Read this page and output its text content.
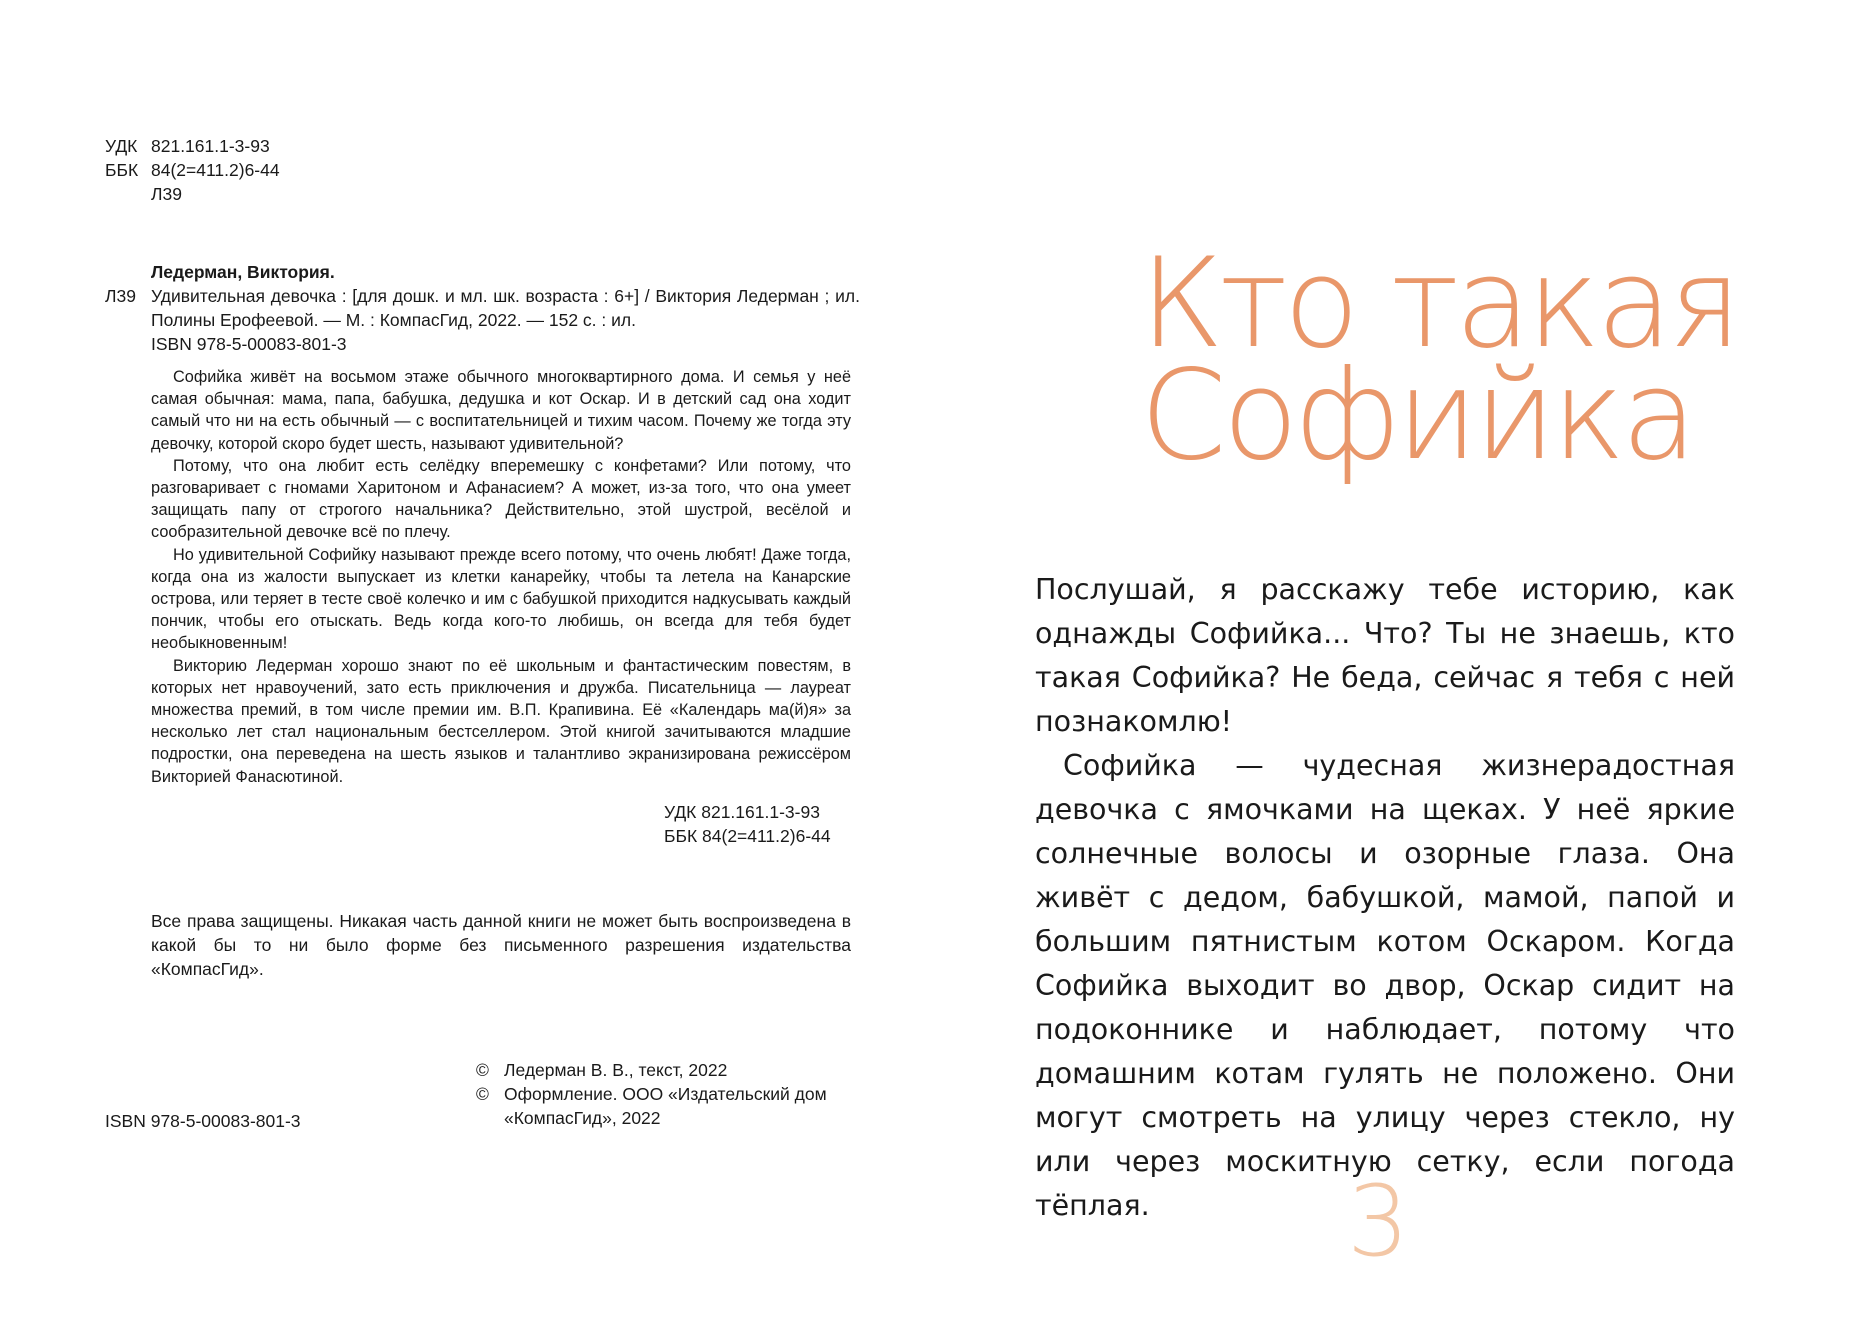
УДК 821.161.1-3-93
ББК 84(2=411.2)6-44
Л39
Ледерман, Виктория.
Л39 Удивительная девочка : [для дошк. и мл. шк. возраста : 6+] / Виктория Ледерман ; ил. Полины Ерофеевой. — М. : КомпасГид, 2022. — 152 с. : ил.
ISBN 978-5-00083-801-3

Софийка живёт на восьмом этаже обычного многоквартирного дома. И семья у неё самая обычная: мама, папа, бабушка, дедушка и кот Оскар. И в детский сад она ходит самый что ни на есть обычный — с воспитательницей и тихим часом. Почему же тогда эту девочку, которой скоро будет шесть, называют удивительной?

Потому, что она любит есть селёдку вперемешку с конфетами? Или потому, что разговаривает с гномами Харитоном и Афанасием? А может, из-за того, что она умеет защищать папу от строгого начальника? Действительно, этой шустрой, весёлой и сообразительной девочке всё по плечу.

Но удивительной Софийку называют прежде всего потому, что очень любят! Даже тогда, когда она из жалости выпускает из клетки канарейку, чтобы та летела на Канарские острова, или теряет в тесте своё колечко и им с бабушкой приходится надкусывать каждый пончик, чтобы его отыскать. Ведь когда кого-то любишь, он всегда для тебя будет необыкновенным!

Викторию Ледерман хорошо знают по её школьным и фантастическим повестям, в которых нет нравоучений, зато есть приключения и дружба. Писательница — лауреат множества премий, в том числе премии им. В.П. Крапивина. Её «Календарь ма(й)я» за несколько лет стал национальным бестселлером. Этой книгой зачитываются младшие подростки, она переведена на шесть языков и талантливо экранизирована режиссёром Викторией Фанасютиной.

УДК 821.161.1-3-93
ББК 84(2=411.2)6-44
Все права защищены. Никакая часть данной книги не может быть воспроизведена в какой бы то ни было форме без письменного разрешения издательства «КомпасГид».
ISBN 978-5-00083-801-3
© Ледерман В. В., текст, 2022
© Оформление. ООО «Издательский дом «КомпасГид», 2022
Кто такая
Софийка

Послушай, я расскажу тебе историю, как однажды Софийка... Что? Ты не знаешь, кто такая Софийка? Не беда, сейчас я тебя с ней познакомлю!

Софийка — чудесная жизнерадостная девочка с ямочками на щеках. У неё яркие солнечные волосы и озорные глаза. Она живёт с дедом, бабушкой, мамой, папой и большим пятнистым котом Оскаром. Когда Софийка выходит во двор, Оскар сидит на подоконнике и наблюдает, потому что домашним котам гулять не положено. Они могут смотреть на улицу через стекло, ну или через москитную сетку, если погода тёплая.	3
